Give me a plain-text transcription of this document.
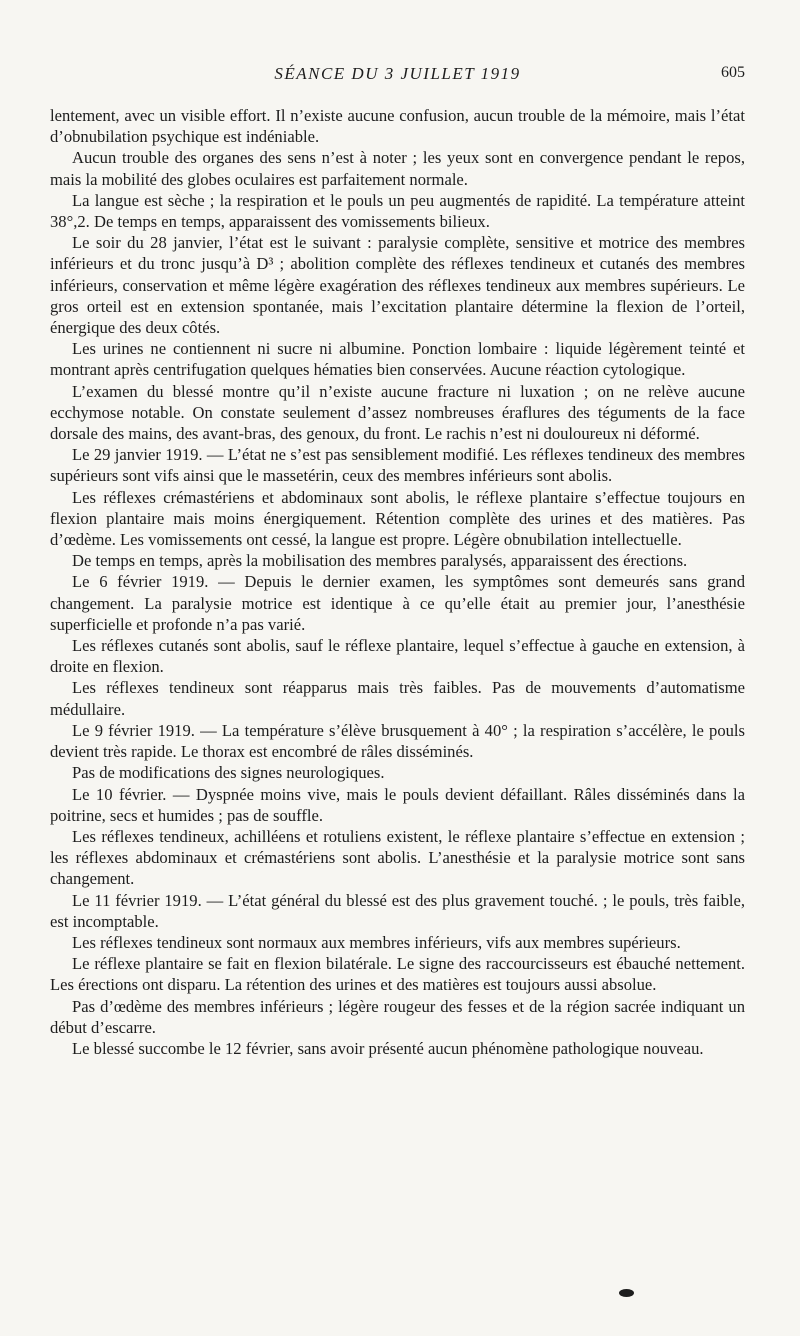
SÉANCE DU 3 JUILLET 1919	605

lentement, avec un visible effort. Il n’existe aucune confusion, aucun trouble de la mémoire, mais l’état d’obnubilation psychique est indéniable.

Aucun trouble des organes des sens n’est à noter ; les yeux sont en convergence pendant le repos, mais la mobilité des globes oculaires est parfaitement normale.

La langue est sèche ; la respiration et le pouls un peu augmentés de rapidité. La température atteint 38°,2. De temps en temps, apparaissent des vomissements bilieux.

Le soir du 28 janvier, l’état est le suivant : paralysie complète, sensitive et motrice des membres inférieurs et du tronc jusqu’à D³ ; abolition complète des réflexes tendineux et cutanés des membres inférieurs, conservation et même légère exagération des réflexes tendineux aux membres supérieurs. Le gros orteil est en extension spontanée, mais l’excitation plantaire détermine la flexion de l’orteil, énergique des deux côtés.

Les urines ne contiennent ni sucre ni albumine. Ponction lombaire : liquide légèrement teinté et montrant après centrifugation quelques hématies bien conservées. Aucune réaction cytologique.

L’examen du blessé montre qu’il n’existe aucune fracture ni luxation ; on ne relève aucune ecchymose notable. On constate seulement d’assez nombreuses éraflures des téguments de la face dorsale des mains, des avant-bras, des genoux, du front. Le rachis n’est ni douloureux ni déformé.

Le 29 janvier 1919. — L’état ne s’est pas sensiblement modifié. Les réflexes tendineux des membres supérieurs sont vifs ainsi que le massetérin, ceux des membres inférieurs sont abolis.

Les réflexes crémastériens et abdominaux sont abolis, le réflexe plantaire s’effectue toujours en flexion plantaire mais moins énergiquement. Rétention complète des urines et des matières. Pas d’œdème. Les vomissements ont cessé, la langue est propre. Légère obnubilation intellectuelle.

De temps en temps, après la mobilisation des membres paralysés, apparaissent des érections.

Le 6 février 1919. — Depuis le dernier examen, les symptômes sont demeurés sans grand changement. La paralysie motrice est identique à ce qu’elle était au premier jour, l’anesthésie superficielle et profonde n’a pas varié.

Les réflexes cutanés sont abolis, sauf le réflexe plantaire, lequel s’effectue à gauche en extension, à droite en flexion.

Les réflexes tendineux sont réapparus mais très faibles. Pas de mouvements d’automatisme médullaire.

Le 9 février 1919. — La température s’élève brusquement à 40° ; la respiration s’accélère, le pouls devient très rapide. Le thorax est encombré de râles disséminés.

Pas de modifications des signes neurologiques.

Le 10 février. — Dyspnée moins vive, mais le pouls devient défaillant. Râles disséminés dans la poitrine, secs et humides ; pas de souffle.

Les réflexes tendineux, achilléens et rotuliens existent, le réflexe plantaire s’effectue en extension ; les réflexes abdominaux et crémastériens sont abolis. L’anesthésie et la paralysie motrice sont sans changement.

Le 11 février 1919. — L’état général du blessé est des plus gravement touché. ; le pouls, très faible, est incomptable.

Les réflexes tendineux sont normaux aux membres inférieurs, vifs aux membres supérieurs.

Le réflexe plantaire se fait en flexion bilatérale. Le signe des raccourcisseurs est ébauché nettement. Les érections ont disparu. La rétention des urines et des matières est toujours aussi absolue.

Pas d’œdème des membres inférieurs ; légère rougeur des fesses et de la région sacrée indiquant un début d’escarre.

Le blessé succombe le 12 février, sans avoir présenté aucun phénomène pathologique nouveau.
